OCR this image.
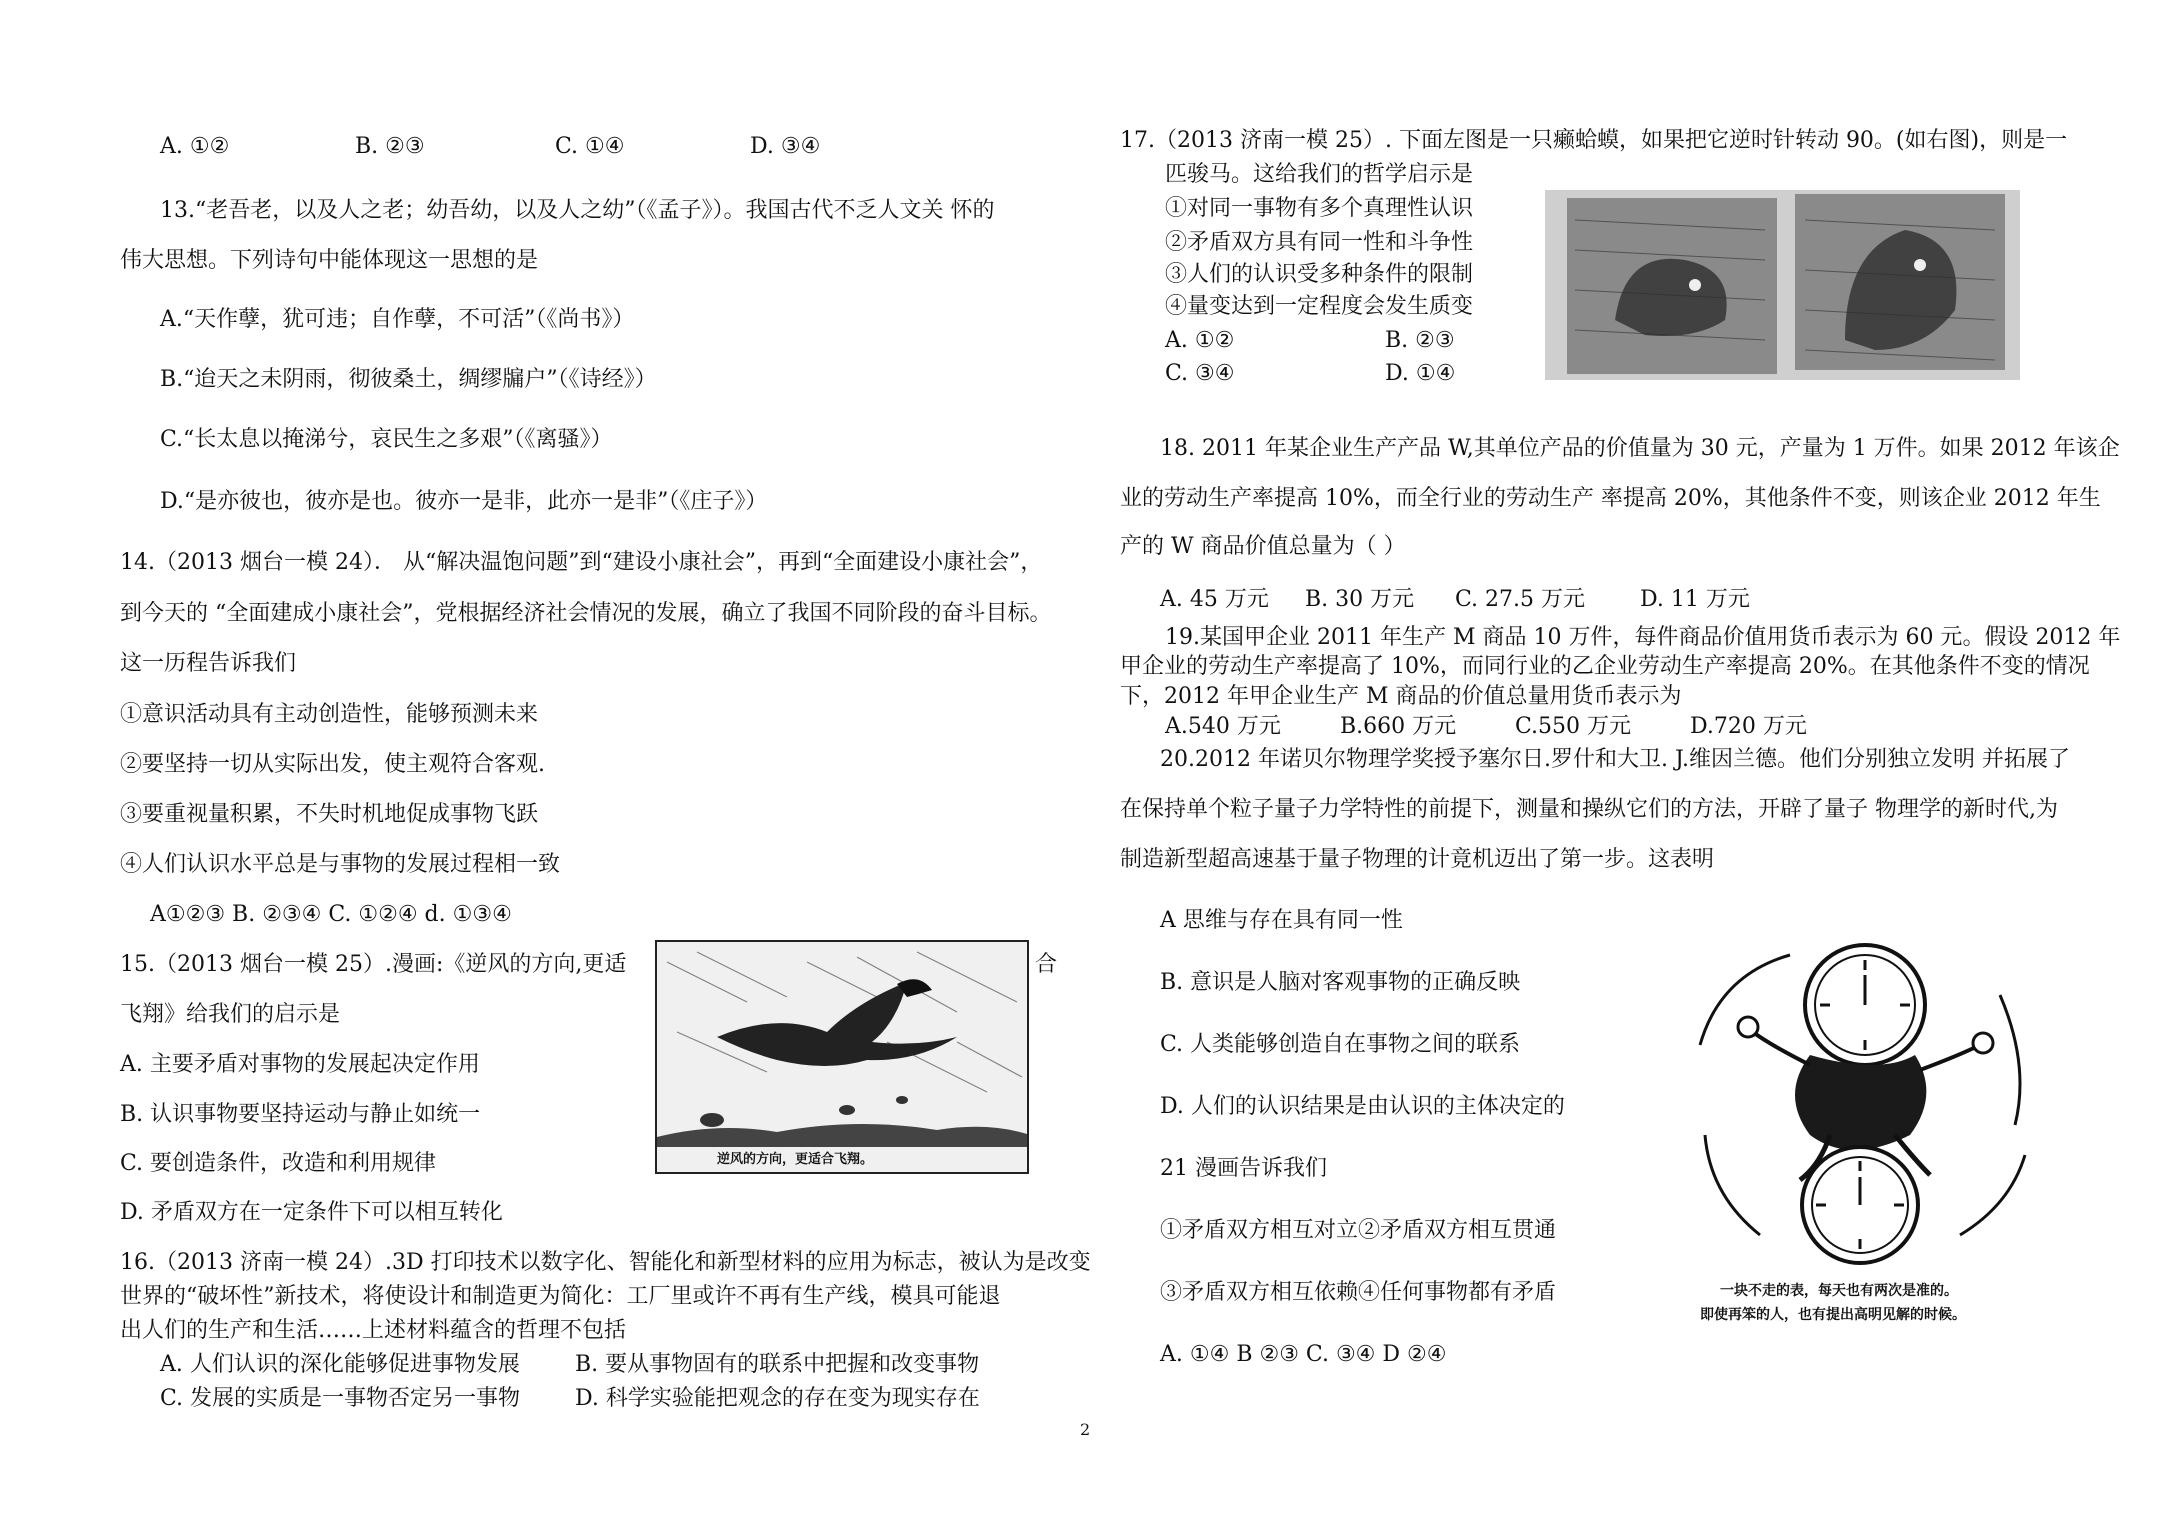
A. ①②	B. ②③	C. ①④	D. ③④
13.“老吾老，以及人之老；幼吾幼，以及人之幼”（《孟子》）。我国古代不乏人文关 怀的
伟大思想。下列诗句中能体现这一思想的是
A.“天作孽，犹可违；自作孽，不可活”（《尚书》）
B.“迨天之未阴雨，彻彼桑土，绸缪牖户”（《诗经》）
C.“长太息以掩涕兮，哀民生之多艰”（《离骚》）
D.“是亦彼也，彼亦是也。彼亦一是非，此亦一是非”（《庄子》）
14.（2013 烟台一模 24）． 从“解决温饱问题”到“建设小康社会”，再到“全面建设小康社会”，
到今天的 “全面建成小康社会”，党根据经济社会情况的发展，确立了我国不同阶段的奋斗目标。
这一历程告诉我们
①意识活动具有主动创造性，能够预测未来
②要坚持一切从实际出发，使主观符合客观.
③要重视量积累，不失时机地促成事物飞跃
④人们认识水平总是与事物的发展过程相一致
A①②③ B. ②③④ C. ①②④ d. ①③④
15.（2013 烟台一模 25）.漫画:《逆风的方向,更适	合
飞翔》给我们的启示是
A. 主要矛盾对事物的发展起决定作用
B. 认识事物要坚持运动与静止如统一
C. 要创造条件，改造和利用规律
D. 矛盾双方在一定条件下可以相互转化
逆风的方向，更适合飞翔。
16.（2013 济南一模 24）.3D 打印技术以数字化、智能化和新型材料的应用为标志，被认为是改变
世界的“破坏性”新技术，将使设计和制造更为简化：工厂里或许不再有生产线，模具可能退
出人们的生产和生活……上述材料蕴含的哲理不包括
A. 人们认识的深化能够促进事物发展	B. 要从事物固有的联系中把握和改变事物
C. 发展的实质是一事物否定另一事物 D. 科学实验能把观念的存在变为现实存在
17.（2013 济南一模 25）. 下面左图是一只癞蛤蟆，如果把它逆时针转动 90。(如右图)，则是一
匹骏马。这给我们的哲学启示是
①对同一事物有多个真理性认识
②矛盾双方具有同一性和斗争性
③人们的认识受多种条件的限制
④量变达到一定程度会发生质变
A. ①②	B. ②③
C. ③④	D. ①④
18. 2011 年某企业生产产品 W,其单位产品的价值量为 30 元，产量为 1 万件。如果 2012 年该企
业的劳动生产率提高 10%，而全行业的劳动生产 率提高 20%，其他条件不变，则该企业 2012 年生
产的 W 商品价值总量为（ ）
A. 45 万元 B. 30 万元 C. 27.5 万元 D. 11 万元
19.某国甲企业 2011 年生产 M 商品 10 万件，每件商品价值用货币表示为 60 元。假设 2012 年
甲企业的劳动生产率提高了 10%，而同行业的乙企业劳动生产率提高 20%。在其他条件不变的情况
下，2012 年甲企业生产 M 商品的价值总量用货币表示为
A.540 万元	B.660 万元	C.550 万元	D.720 万元
20.2012 年诺贝尔物理学奖授予塞尔日.罗什和大卫. J.维因兰德。他们分别独立发明 并拓展了
在保持单个粒子量子力学特性的前提下，测量和操纵它们的方法，开辟了量子 物理学的新时代,为
制造新型超高速基于量子物理的计竟机迈出了第一步。这表明
A 思维与存在具有同一性
B. 意识是人脑对客观事物的正确反映
C. 人类能够创造自在事物之间的联系
D. 人们的认识结果是由认识的主体决定的
21 漫画告诉我们
①矛盾双方相互对立②矛盾双方相互贯通
③矛盾双方相互依赖④任何事物都有矛盾
A. ①④ B ②③ C. ③④ D ②④
一块不走的表，每天也有两次是准的。
即使再笨的人，也有提出高明见解的时候。
2
